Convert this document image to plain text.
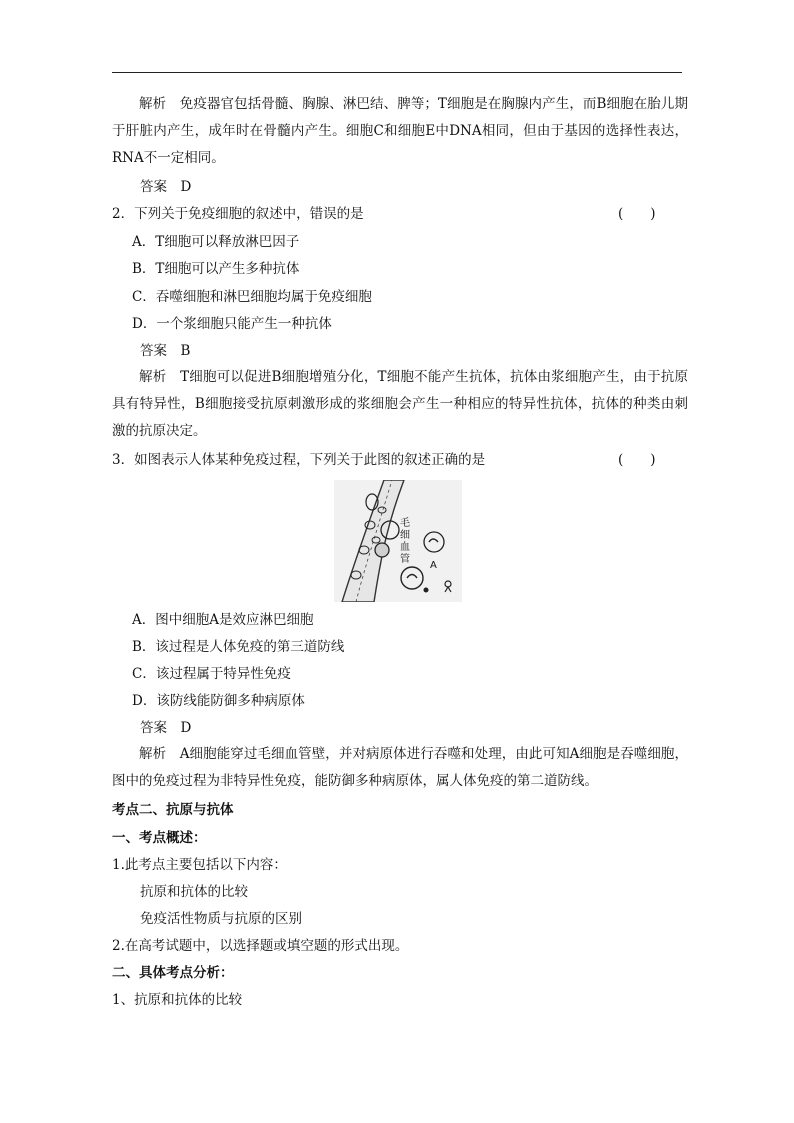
解析　免疫器官包括骨髓、胸腺、淋巴结、脾等；T细胞是在胸腺内产生，而B细胞在胎儿期于肝脏内产生，成年时在骨髓内产生。细胞C和细胞E中DNA相同，但由于基因的选择性表达，RNA不一定相同。

答案　D
2．下列关于免疫细胞的叙述中，错误的是	(　　)
A．T细胞可以释放淋巴因子
B．T细胞可以产生多种抗体
C．吞噬细胞和淋巴细胞均属于免疫细胞
D．一个浆细胞只能产生一种抗体
答案　B

解析　T细胞可以促进B细胞增殖分化，T细胞不能产生抗体，抗体由浆细胞产生，由于抗原具有特异性，B细胞接受抗原刺激形成的浆细胞会产生一种相应的特异性抗体，抗体的种类由刺激的抗原决定。

3．如图表示人体某种免疫过程，下列关于此图的叙述正确的是	(　　)
毛
细
血
管
A
A．图中细胞A是效应淋巴细胞
B．该过程是人体免疫的第三道防线
C．该过程属于特异性免疫
D．该防线能防御多种病原体
答案　D

解析　A细胞能穿过毛细血管壁，并对病原体进行吞噬和处理，由此可知A细胞是吞噬细胞，图中的免疫过程为非特异性免疫，能防御多种病原体，属人体免疫的第二道防线。

考点二、抗原与抗体
一、考点概述：
1.此考点主要包括以下内容：
抗原和抗体的比较
免疫活性物质与抗原的区别
2.在高考试题中，以选择题或填空题的形式出现。
二、具体考点分析：
1、抗原和抗体的比较
